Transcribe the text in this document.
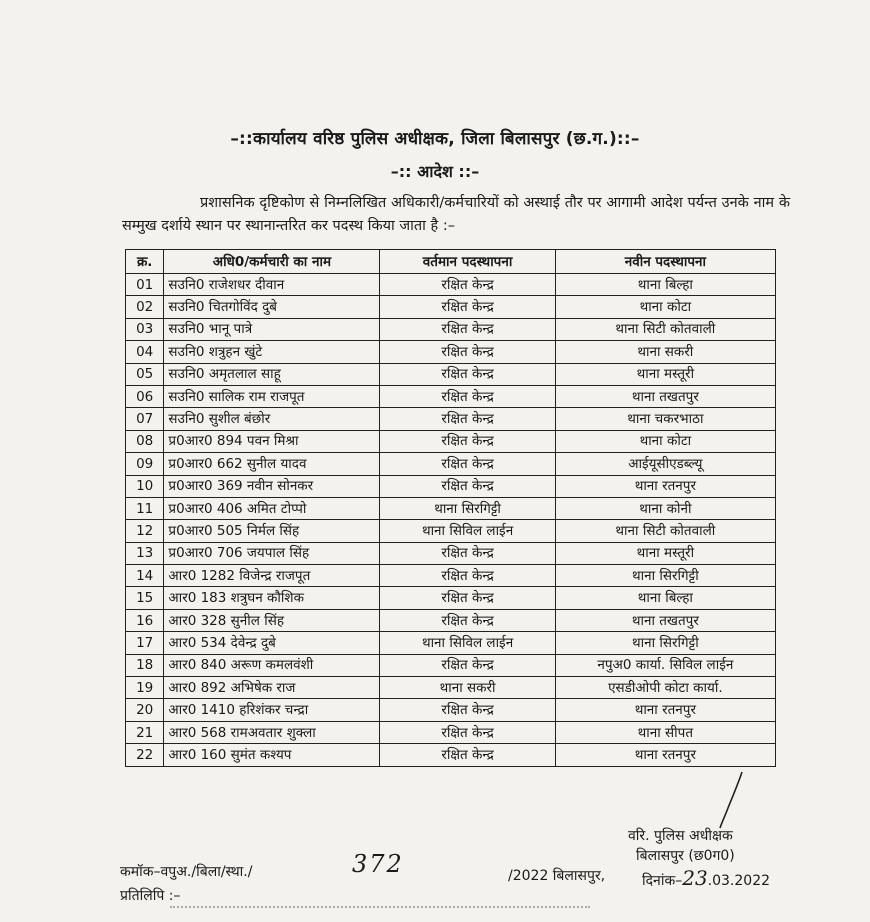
–::कार्यालय वरिष्ठ पुलिस अधीक्षक, जिला बिलासपुर (छ.ग.)::–
–:: आदेश ::–
प्रशासनिक दृष्टिकोण से निम्नलिखित अधिकारी/कर्मचारियों को अस्थाई तौर पर आगामी आदेश पर्यन्त उनके नाम के सम्मुख दर्शाये स्थान पर स्थानान्तरित कर पदस्थ किया जाता है :–
क्र.	अधि0/कर्मचारी का नाम	वर्तमान पदस्थापना	नवीन पदस्थापना
01	सउनि0 राजेशधर दीवान	रक्षित केन्द्र	थाना बिल्हा
02	सउनि0 चितगोविंद दुबे	रक्षित केन्द्र	थाना कोटा
03	सउनि0 भानू पात्रे	रक्षित केन्द्र	थाना सिटी कोतवाली
04	सउनि0 शत्रुहन खुंटे	रक्षित केन्द्र	थाना सकरी
05	सउनि0 अमृतलाल साहू	रक्षित केन्द्र	थाना मस्तूरी
06	सउनि0 सालिक राम राजपूत	रक्षित केन्द्र	थाना तखतपुर
07	सउनि0 सुशील बंछोर	रक्षित केन्द्र	थाना चकरभाठा
08	प्र0आर0 894 पवन मिश्रा	रक्षित केन्द्र	थाना कोटा
09	प्र0आर0 662 सुनील यादव	रक्षित केन्द्र	आईयूसीएडब्ल्यू
10	प्र0आर0 369 नवीन सोनकर	रक्षित केन्द्र	थाना रतनपुर
11	प्र0आर0 406 अमित टोप्पो	थाना सिरगिट्टी	थाना कोनी
12	प्र0आर0 505 निर्मल सिंह	थाना सिविल लाईन	थाना सिटी कोतवाली
13	प्र0आर0 706 जयपाल सिंह	रक्षित केन्द्र	थाना मस्तूरी
14	आर0 1282 विजेन्द्र राजपूत	रक्षित केन्द्र	थाना सिरगिट्टी
15	आर0 183 शत्रुघन कौशिक	रक्षित केन्द्र	थाना बिल्हा
16	आर0 328 सुनील सिंह	रक्षित केन्द्र	थाना तखतपुर
17	आर0 534 देवेन्द्र दुबे	थाना सिविल लाईन	थाना सिरगिट्टी
18	आर0 840 अरूण कमलवंशी	रक्षित केन्द्र	नपुअ0 कार्या. सिविल लाईन
19	आर0 892 अभिषेक राज	थाना सकरी	एसडीओपी कोटा कार्या.
20	आर0 1410 हरिशंकर चन्द्रा	रक्षित केन्द्र	थाना रतनपुर
21	आर0 568 रामअवतार शुक्ला	रक्षित केन्द्र	थाना सीपत
22	आर0 160 सुमंत कश्यप	रक्षित केन्द्र	थाना रतनपुर
वरि. पुलिस अधीक्षक
बिलासपुर (छ0ग0)
कमॉक–वपुअ./बिला/स्था./	372	/2022 बिलासपुर,	दिनांक–23.03.2022
प्रतिलिपि :–
